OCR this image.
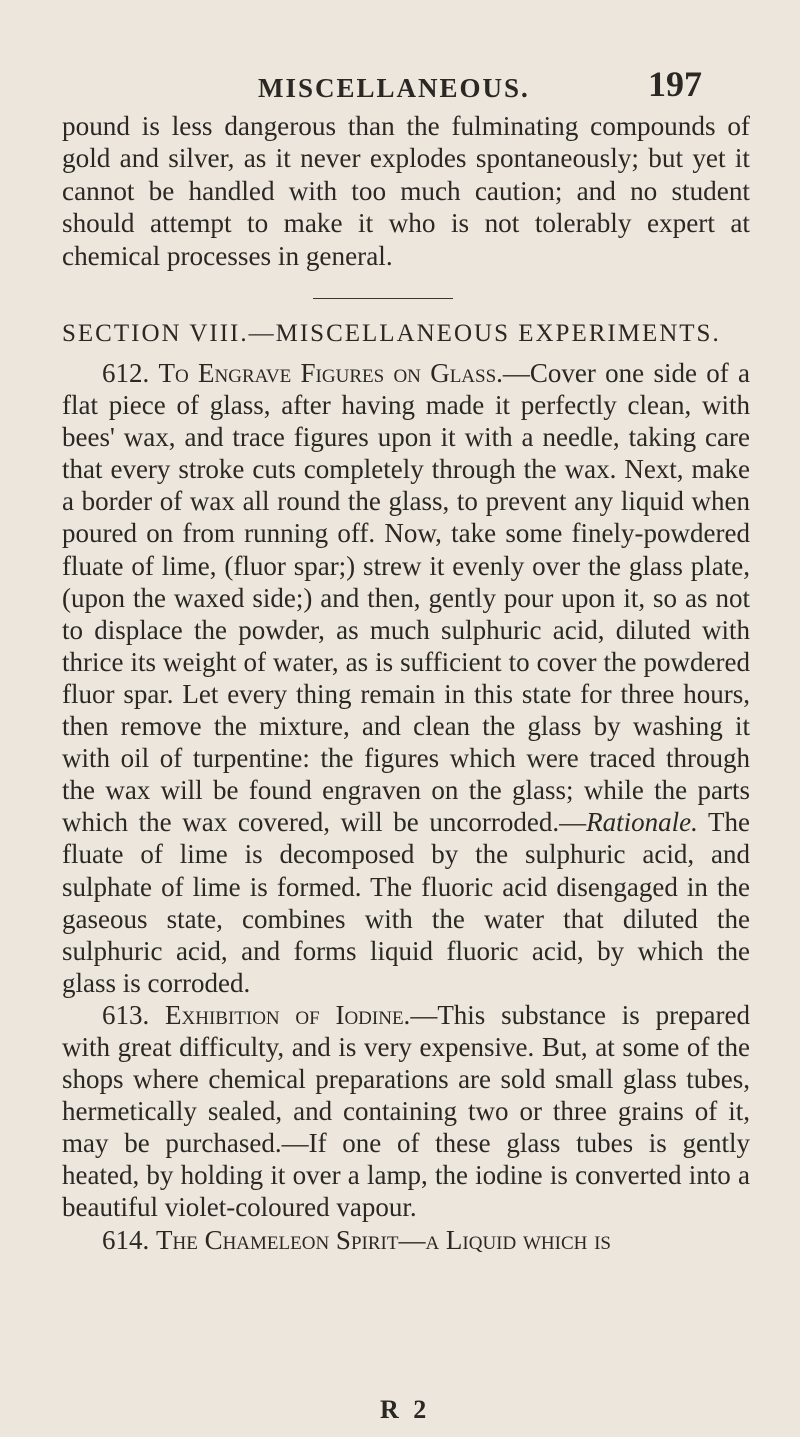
MISCELLANEOUS.	197

pound is less dangerous than the fulminating compounds of gold and silver, as it never explodes spontaneously; but yet it cannot be handled with too much caution; and no student should attempt to make it who is not tolerably expert at chemical processes in general.

SECTION VIII.—MISCELLANEOUS EXPERIMENTS.

612. To Engrave Figures on Glass.—Cover one side of a flat piece of glass, after having made it perfectly clean, with bees' wax, and trace figures upon it with a needle, taking care that every stroke cuts completely through the wax. Next, make a border of wax all round the glass, to prevent any liquid when poured on from running off. Now, take some finely-powdered fluate of lime, (fluor spar;) strew it evenly over the glass plate, (upon the waxed side;) and then, gently pour upon it, so as not to displace the powder, as much sulphuric acid, diluted with thrice its weight of water, as is sufficient to cover the powdered fluor spar. Let every thing remain in this state for three hours, then remove the mixture, and clean the glass by washing it with oil of turpentine: the figures which were traced through the wax will be found engraven on the glass; while the parts which the wax covered, will be uncorroded.—Rationale. The fluate of lime is decomposed by the sulphuric acid, and sulphate of lime is formed. The fluoric acid disengaged in the gaseous state, combines with the water that diluted the sulphuric acid, and forms liquid fluoric acid, by which the glass is corroded.

613. Exhibition of Iodine.—This substance is prepared with great difficulty, and is very expensive. But, at some of the shops where chemical preparations are sold small glass tubes, hermetically sealed, and containing two or three grains of it, may be purchased.—If one of these glass tubes is gently heated, by holding it over a lamp, the iodine is converted into a beautiful violet-coloured vapour.

614. The Chameleon Spirit—a Liquid which is

R 2
